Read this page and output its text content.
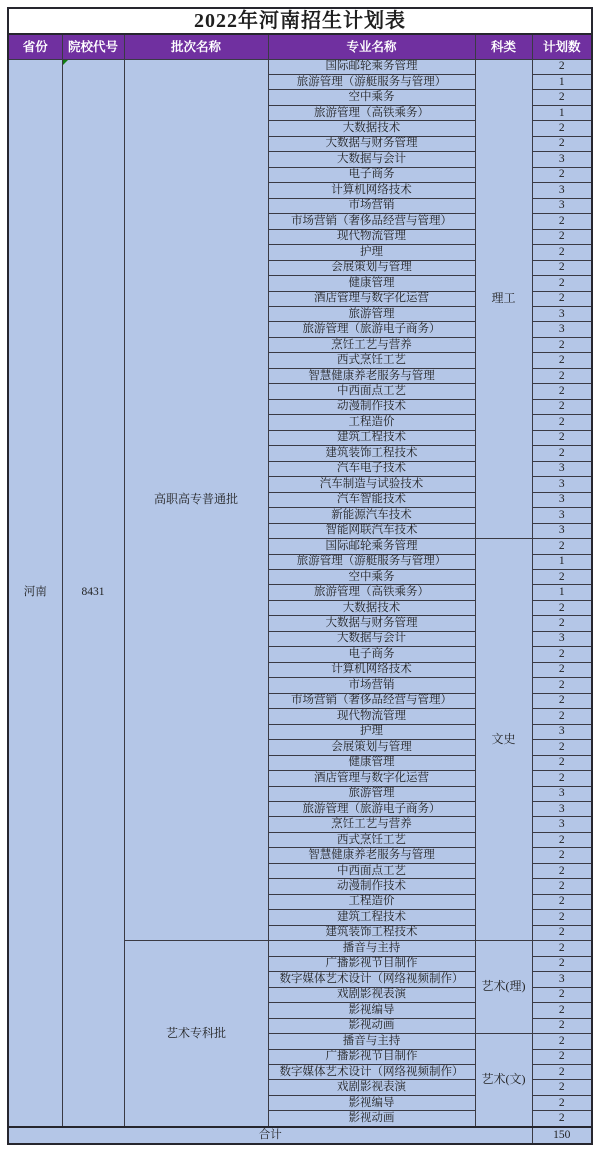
2022年河南招生计划表					
省份	院校代号	批次名称	专业名称	科类	计划数
河南	8431	高职高专普通批	国际邮轮乘务管理	理工	2
			旅游管理（游艇服务与管理）		1
			空中乘务		2
			旅游管理（高铁乘务）		1
			大数据技术		2
			大数据与财务管理		2
			大数据与会计		3
			电子商务		2
			计算机网络技术		3
			市场营销		3
			市场营销（奢侈品经营与管理）		2
			现代物流管理		2
			护理		2
			会展策划与管理		2
			健康管理		2
			酒店管理与数字化运营		2
			旅游管理		3
			旅游管理（旅游电子商务）		3
			烹饪工艺与营养		2
			西式烹饪工艺		2
			智慧健康养老服务与管理		2
			中西面点工艺		2
			动漫制作技术		2
			工程造价		2
			建筑工程技术		2
			建筑装饰工程技术		2
			汽车电子技术		3
			汽车制造与试验技术		3
			汽车智能技术		3
			新能源汽车技术		3
			智能网联汽车技术		3
			国际邮轮乘务管理	文史	2
			旅游管理（游艇服务与管理）		1
			空中乘务		2
			旅游管理（高铁乘务）		1
			大数据技术		2
			大数据与财务管理		2
			大数据与会计		3
			电子商务		2
			计算机网络技术		2
			市场营销		2
			市场营销（奢侈品经营与管理）		2
			现代物流管理		2
			护理		3
			会展策划与管理		2
			健康管理		2
			酒店管理与数字化运营		2
			旅游管理		3
			旅游管理（旅游电子商务）		3
			烹饪工艺与营养		3
			西式烹饪工艺		2
			智慧健康养老服务与管理		2
			中西面点工艺		2
			动漫制作技术		2
			工程造价		2
			建筑工程技术		2
			建筑装饰工程技术		2
		艺术专科批	播音与主持	艺术(理)	2
			广播影视节目制作		2
			数字媒体艺术设计（网络视频制作）		3
			戏剧影视表演		2
			影视编导		2
			影视动画		2
			播音与主持	艺术(文)	2
			广播影视节目制作		2
			数字媒体艺术设计（网络视频制作）		2
			戏剧影视表演		2
			影视编导		2
			影视动画		2
合计					150
